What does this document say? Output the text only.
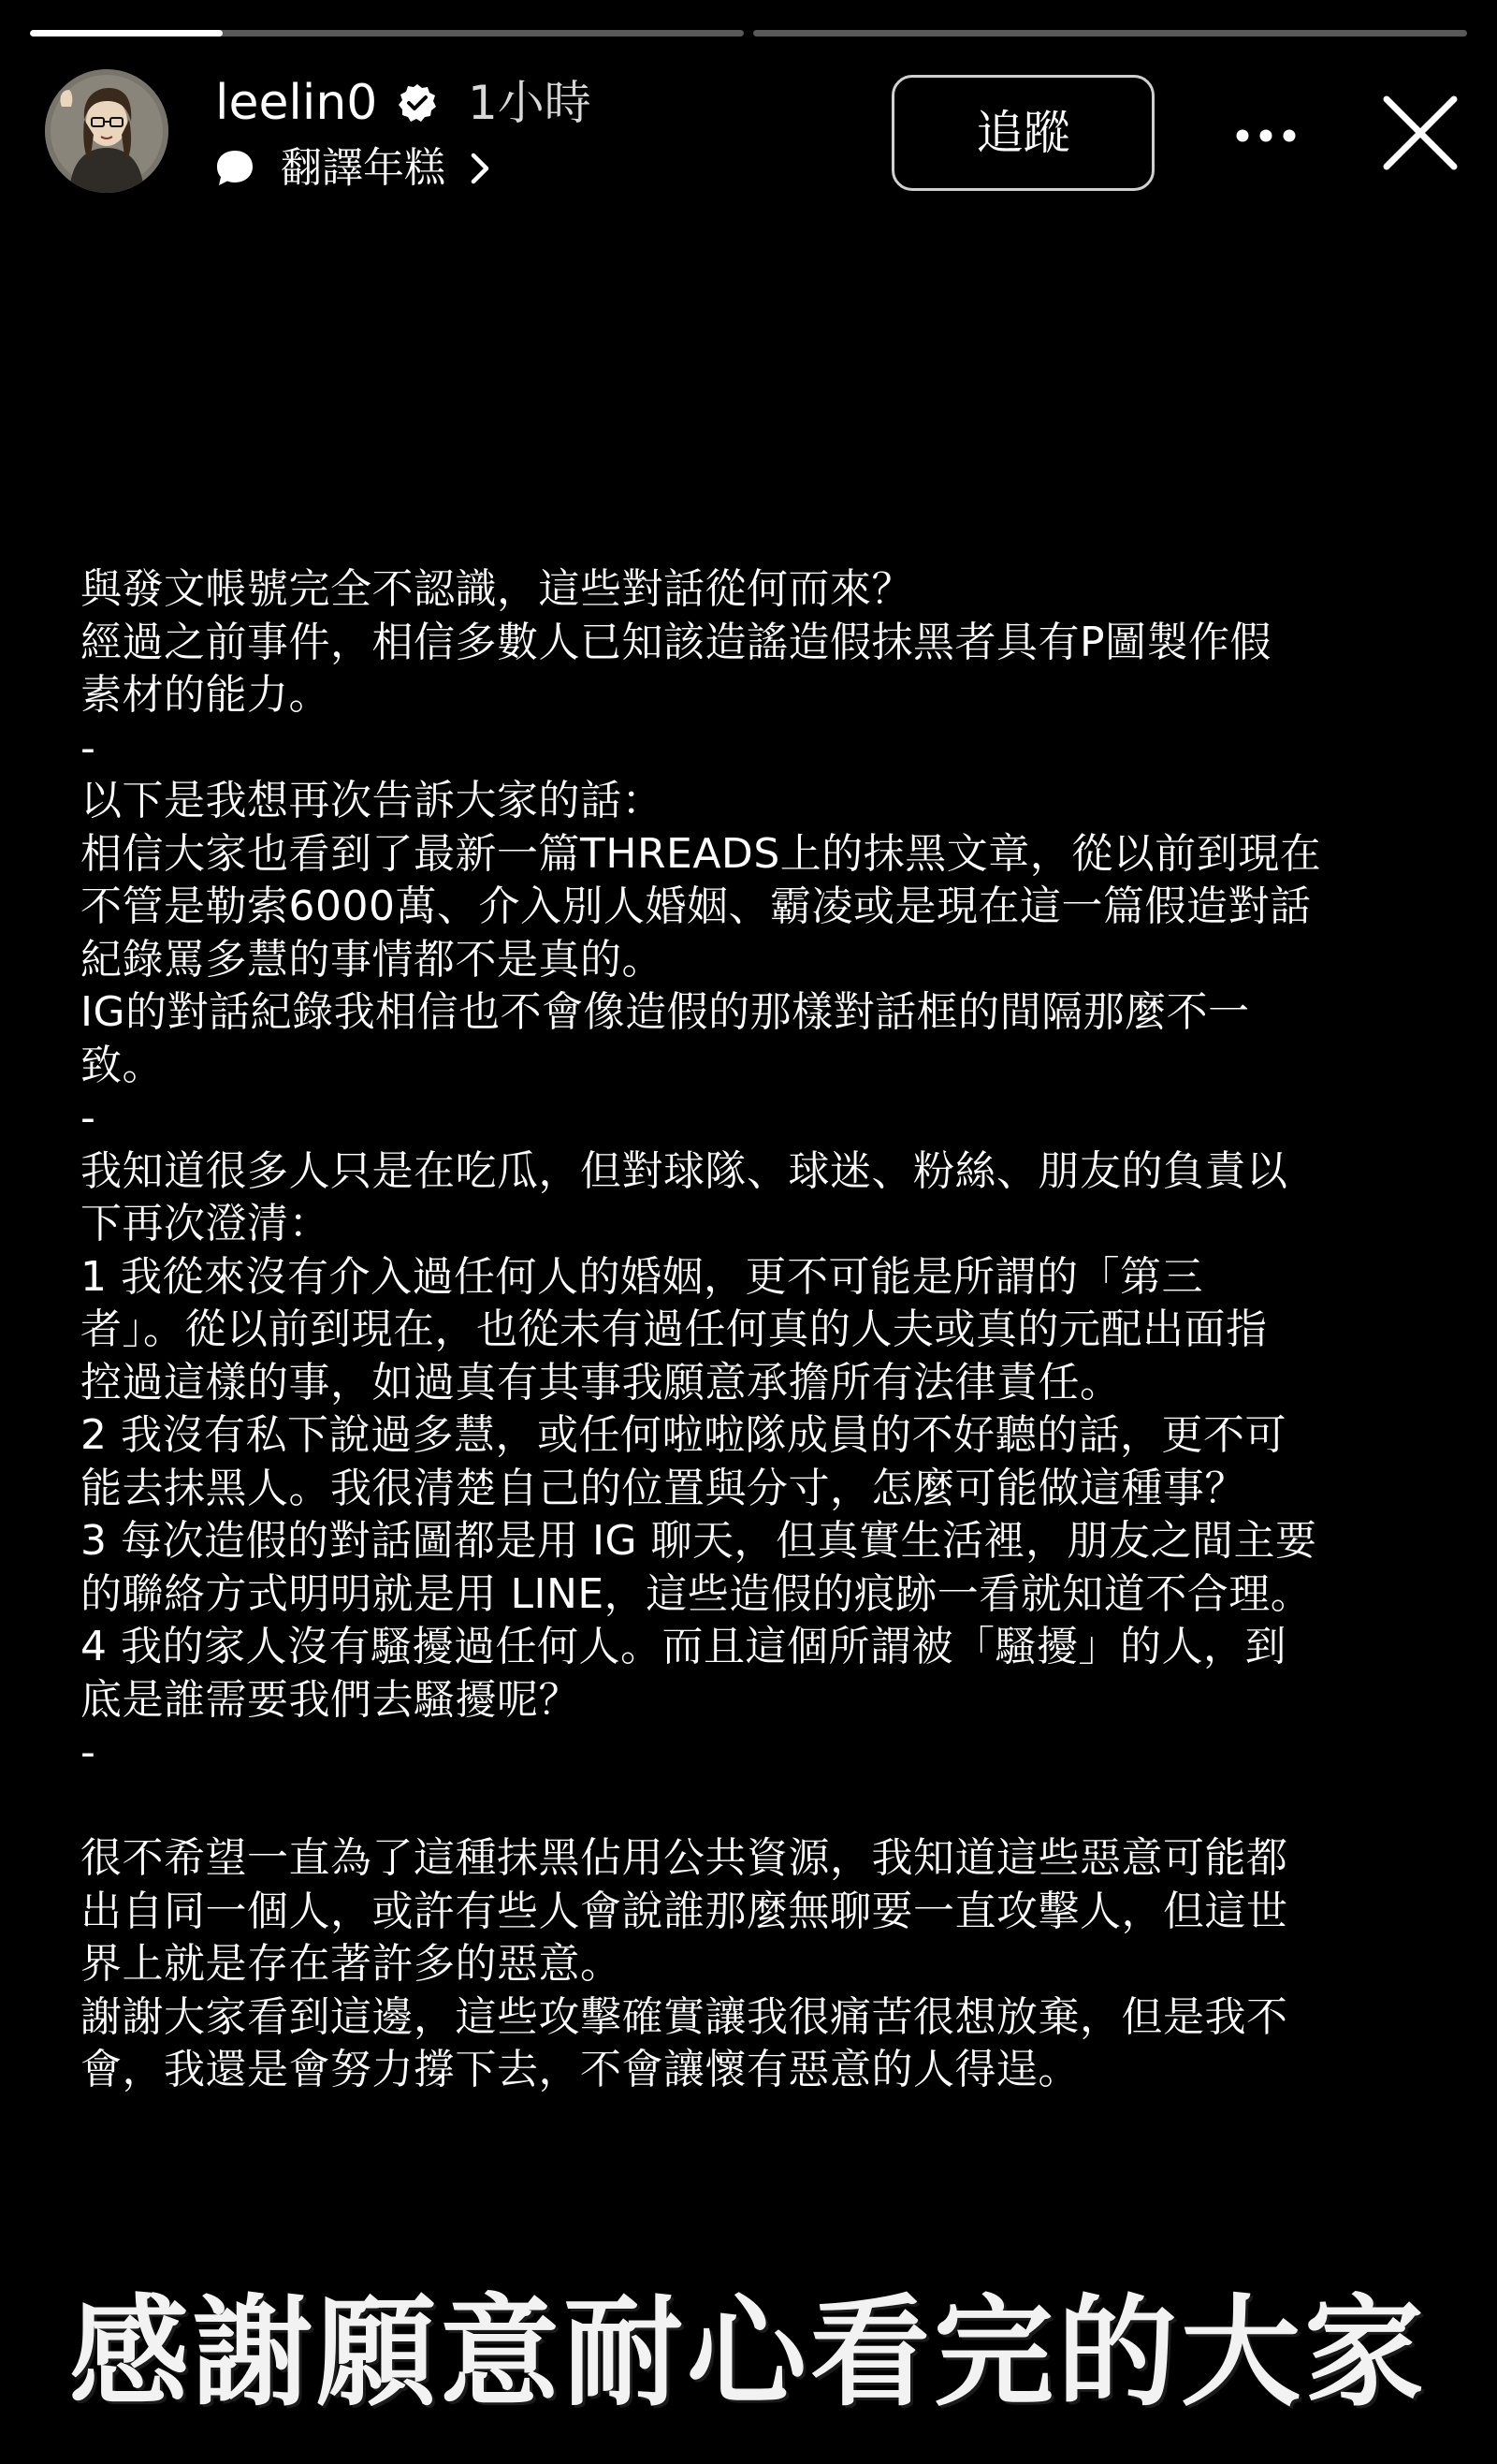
leelin0 1小時
翻譯年糕
追蹤
與發文帳號完全不認識，這些對話從何而來？
經過之前事件，相信多數人已知該造謠造假抹黑者具有P圖製作假
素材的能力。
-
以下是我想再次告訴大家的話：
相信大家也看到了最新一篇THREADS上的抹黑文章，從以前到現在
不管是勒索6000萬、介入別人婚姻、霸凌或是現在這一篇假造對話
紀錄罵多慧的事情都不是真的。
IG的對話紀錄我相信也不會像造假的那樣對話框的間隔那麼不一
致。
-
我知道很多人只是在吃瓜，但對球隊、球迷、粉絲、朋友的負責以
下再次澄清：
1 我從來沒有介入過任何人的婚姻，更不可能是所謂的「第三
者」。從以前到現在，也從未有過任何真的人夫或真的元配出面指
控過這樣的事，如過真有其事我願意承擔所有法律責任。
2 我沒有私下說過多慧，或任何啦啦隊成員的不好聽的話，更不可
能去抹黑人。我很清楚自己的位置與分寸，怎麼可能做這種事？
3 每次造假的對話圖都是用 IG 聊天，但真實生活裡，朋友之間主要
的聯絡方式明明就是用 LINE，這些造假的痕跡一看就知道不合理。
4 我的家人沒有騷擾過任何人。而且這個所謂被「騷擾」的人，到
底是誰需要我們去騷擾呢？
-
很不希望一直為了這種抹黑佔用公共資源，我知道這些惡意可能都
出自同一個人，或許有些人會說誰那麼無聊要一直攻擊人，但這世
界上就是存在著許多的惡意。
謝謝大家看到這邊，這些攻擊確實讓我很痛苦很想放棄，但是我不
會，我還是會努力撐下去，不會讓懷有惡意的人得逞。
感謝願意耐心看完的大家
